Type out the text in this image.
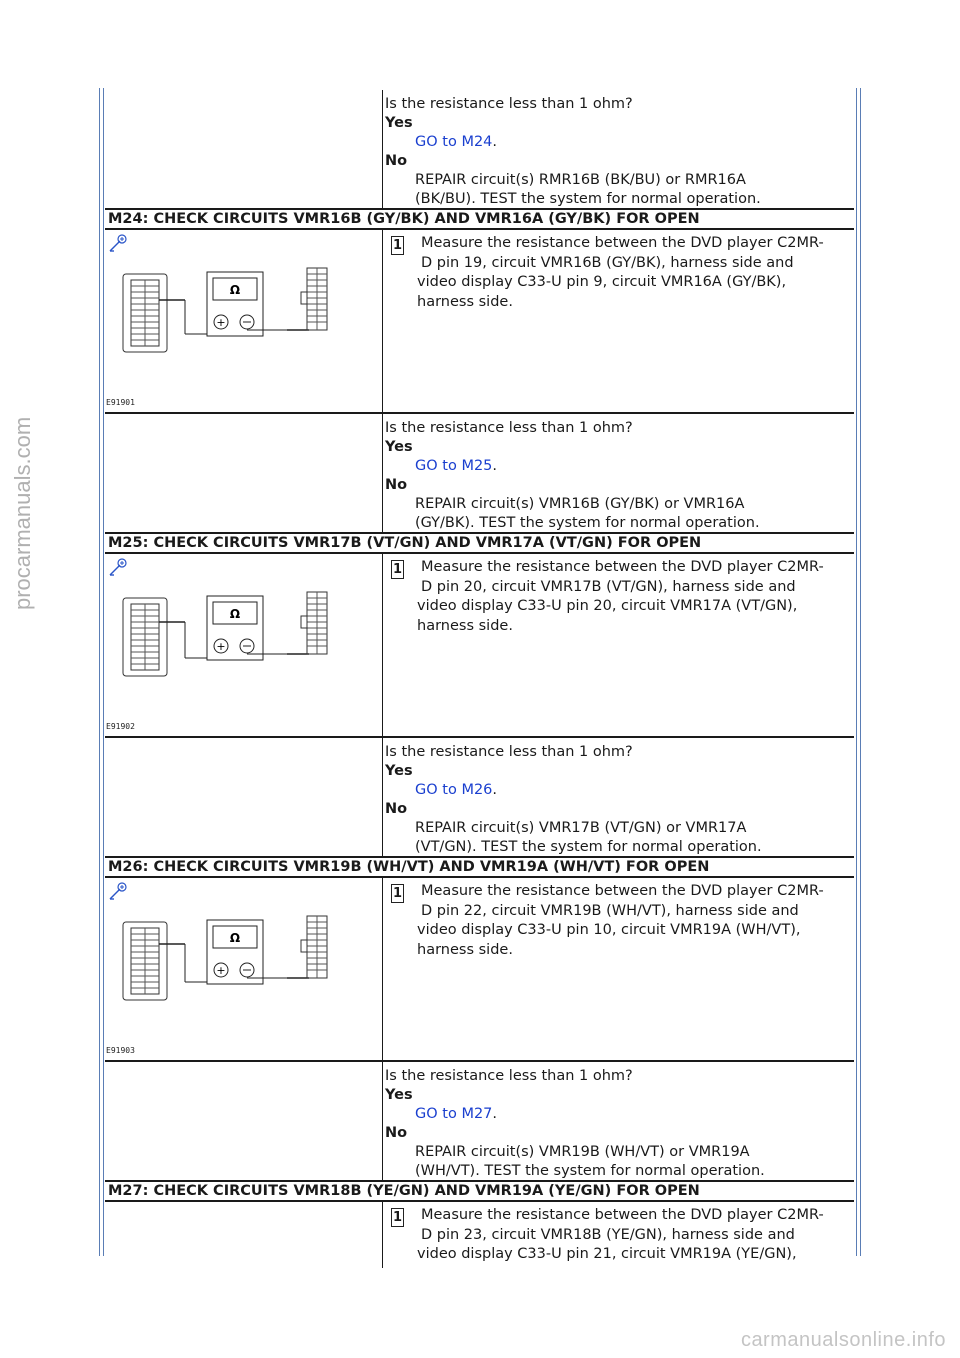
procarmanuals.com
carmanualsonline.info
Is the resistance less than 1 ohm?
Yes
GO to M24.
No
REPAIR circuit(s) RMR16B (BK/BU) or RMR16A
(BK/BU). TEST the system for normal operation.
M24: CHECK CIRCUITS VMR16B (GY/BK) AND VMR16A (GY/BK) FOR OPEN
Ω
+
E91901
1 Measure the resistance between the DVD player C2MR-
D pin 19, circuit VMR16B (GY/BK), harness side and
video display C33-U pin 9, circuit VMR16A (GY/BK),
harness side.
Is the resistance less than 1 ohm?
Yes
GO to M25.
No
REPAIR circuit(s) VMR16B (GY/BK) or VMR16A
(GY/BK). TEST the system for normal operation.
M25: CHECK CIRCUITS VMR17B (VT/GN) AND VMR17A (VT/GN) FOR OPEN
Ω
+
E91902
1 Measure the resistance between the DVD player C2MR-
D pin 20, circuit VMR17B (VT/GN), harness side and
video display C33-U pin 20, circuit VMR17A (VT/GN),
harness side.
Is the resistance less than 1 ohm?
Yes
GO to M26.
No
REPAIR circuit(s) VMR17B (VT/GN) or VMR17A
(VT/GN). TEST the system for normal operation.
M26: CHECK CIRCUITS VMR19B (WH/VT) AND VMR19A (WH/VT) FOR OPEN
Ω
+
E91903
1 Measure the resistance between the DVD player C2MR-
D pin 22, circuit VMR19B (WH/VT), harness side and
video display C33-U pin 10, circuit VMR19A (WH/VT),
harness side.
Is the resistance less than 1 ohm?
Yes
GO to M27.
No
REPAIR circuit(s) VMR19B (WH/VT) or VMR19A
(WH/VT). TEST the system for normal operation.
M27: CHECK CIRCUITS VMR18B (YE/GN) AND VMR19A (YE/GN) FOR OPEN
1 Measure the resistance between the DVD player C2MR-
D pin 23, circuit VMR18B (YE/GN), harness side and
video display C33-U pin 21, circuit VMR19A (YE/GN),
